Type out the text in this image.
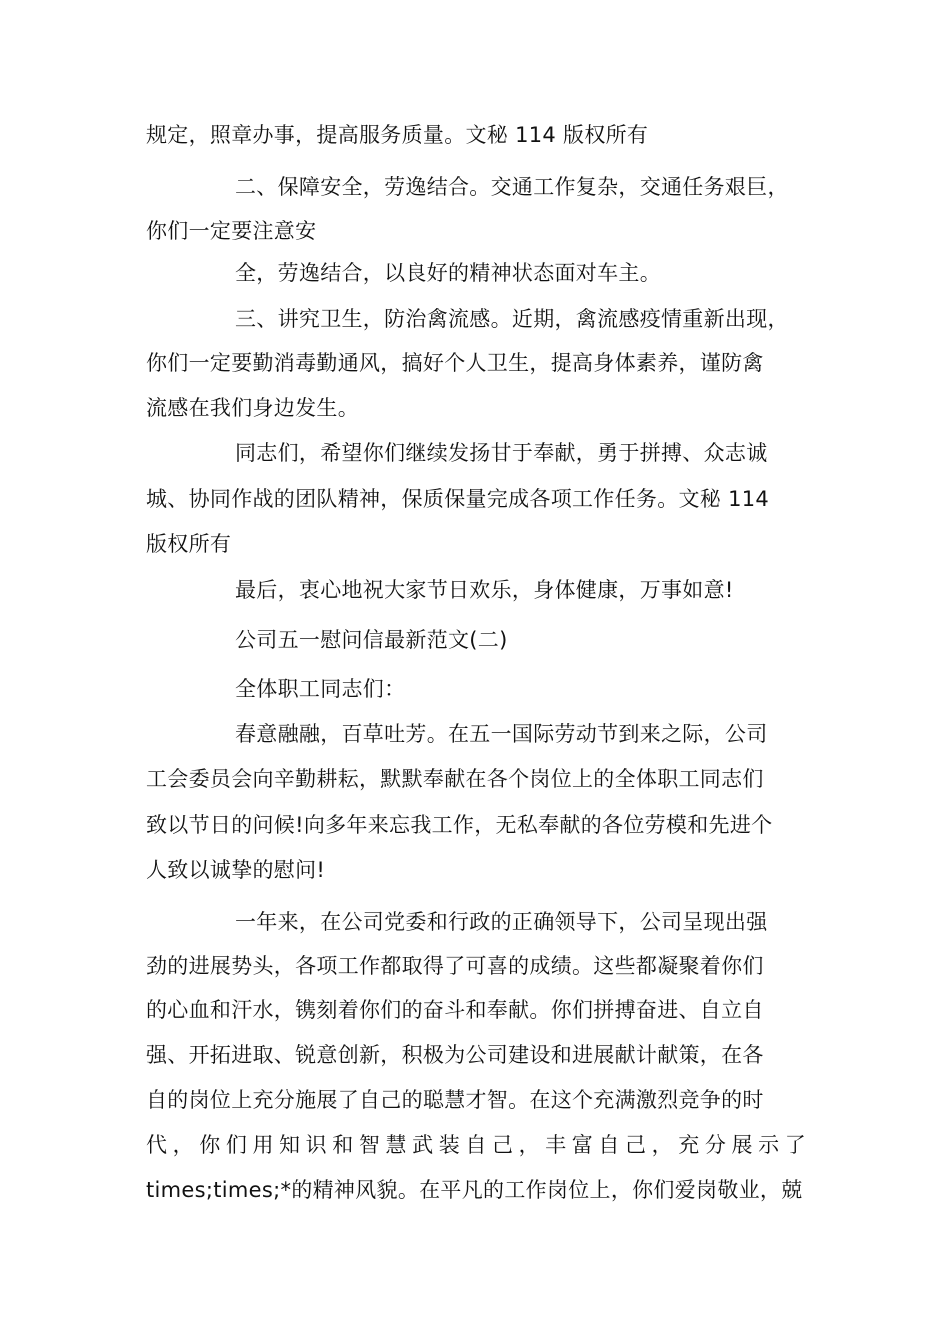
规定，照章办事，提高服务质量。文秘 114 版权所有
二、保障安全，劳逸结合。交通工作复杂，交通任务艰巨，
你们一定要注意安
全，劳逸结合，以良好的精神状态面对车主。
三、讲究卫生，防治禽流感。近期，禽流感疫情重新出现，
你们一定要勤消毒勤通风，搞好个人卫生，提高身体素养，谨防禽
流感在我们身边发生。
同志们，希望你们继续发扬甘于奉献，勇于拼搏、众志诚
城、协同作战的团队精神，保质保量完成各项工作任务。文秘 114
版权所有
最后，衷心地祝大家节日欢乐，身体健康，万事如意!
公司五一慰问信最新范文(二)
全体职工同志们：
春意融融，百草吐芳。在五一国际劳动节到来之际，公司
工会委员会向辛勤耕耘，默默奉献在各个岗位上的全体职工同志们
致以节日的问候!向多年来忘我工作，无私奉献的各位劳模和先进个
人致以诚挚的慰问!
一年来，在公司党委和行政的正确领导下，公司呈现出强
劲的进展势头，各项工作都取得了可喜的成绩。这些都凝聚着你们
的心血和汗水，镌刻着你们的奋斗和奉献。你们拼搏奋进、自立自
强、开拓进取、锐意创新，积极为公司建设和进展献计献策，在各
自的岗位上充分施展了自己的聪慧才智。在这个充满激烈竞争的时
代，你们用知识和智慧武装自己，丰富自己，充分展示了
times;times;*的精神风貌。在平凡的工作岗位上，你们爱岗敬业，兢
